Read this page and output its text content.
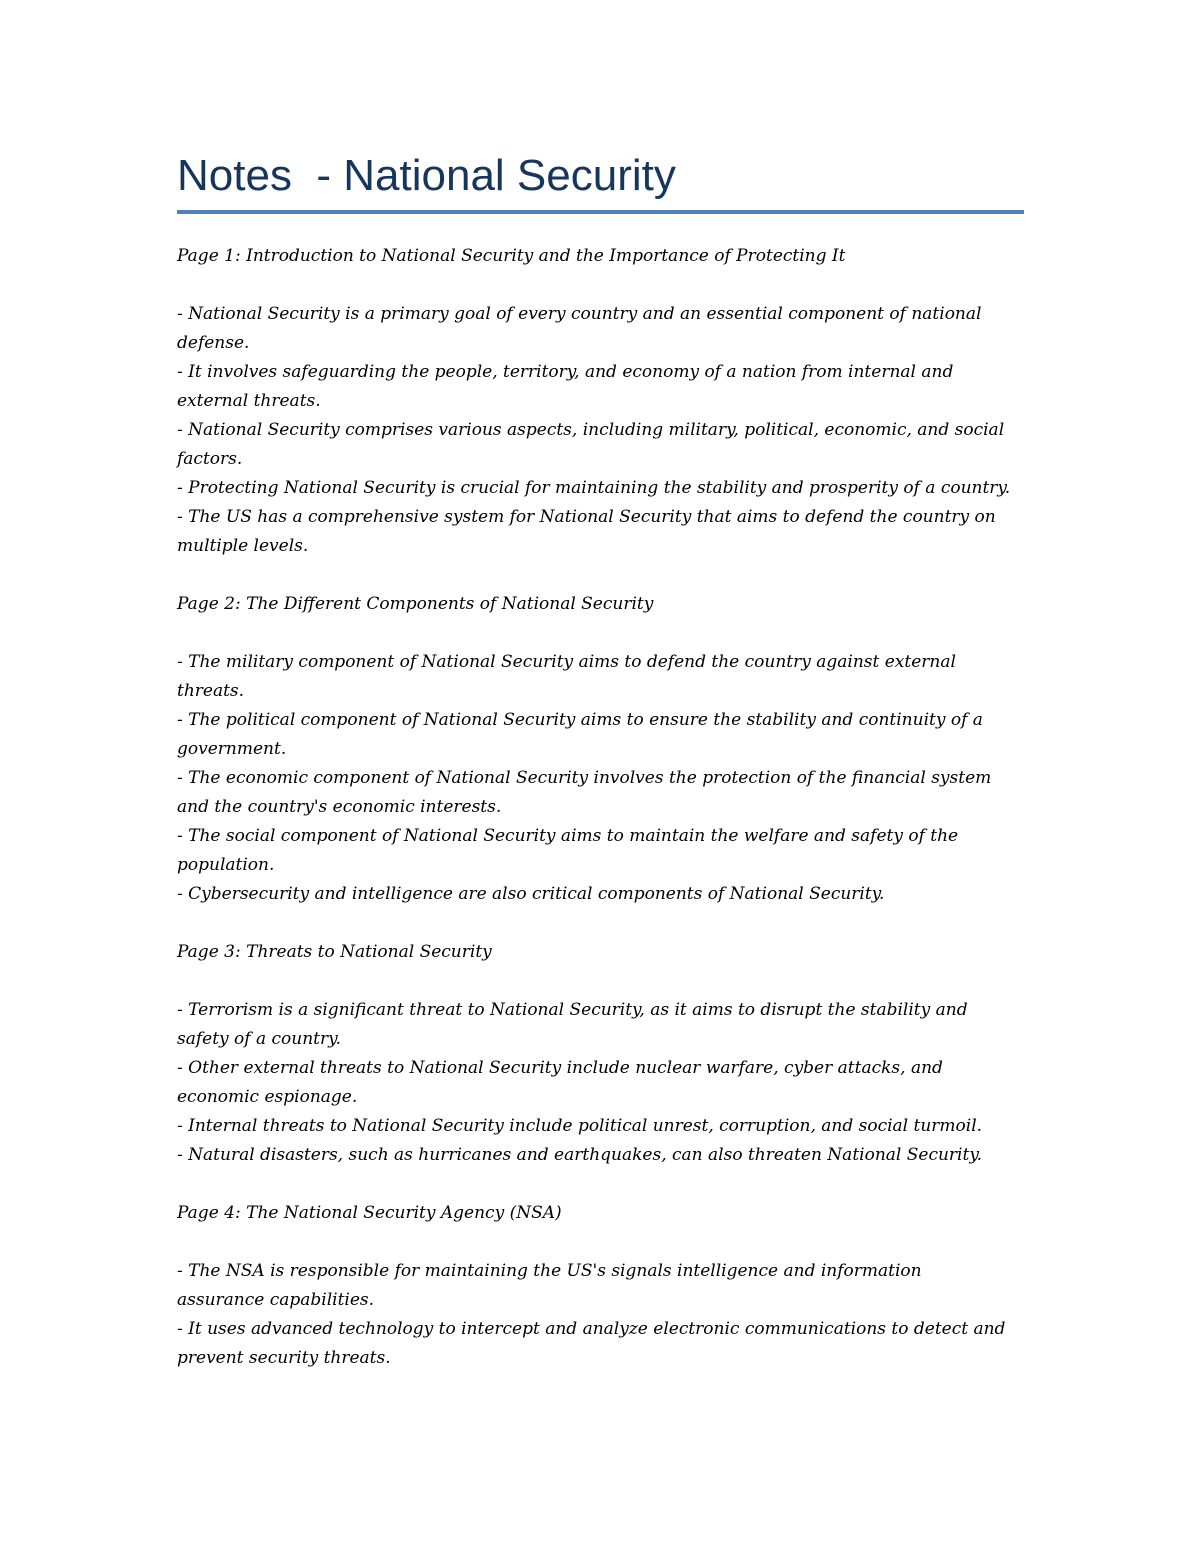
Notes  - National Security

Page 1: Introduction to National Security and the Importance of Protecting It

- National Security is a primary goal of every country and an essential component of national defense.
- It involves safeguarding the people, territory, and economy of a nation from internal and external threats.
- National Security comprises various aspects, including military, political, economic, and social factors.
- Protecting National Security is crucial for maintaining the stability and prosperity of a country.
- The US has a comprehensive system for National Security that aims to defend the country on multiple levels.

Page 2: The Different Components of National Security

- The military component of National Security aims to defend the country against external threats.
- The political component of National Security aims to ensure the stability and continuity of a government.
- The economic component of National Security involves the protection of the financial system and the country's economic interests.
- The social component of National Security aims to maintain the welfare and safety of the population.
- Cybersecurity and intelligence are also critical components of National Security.

Page 3: Threats to National Security

- Terrorism is a significant threat to National Security, as it aims to disrupt the stability and safety of a country.
- Other external threats to National Security include nuclear warfare, cyber attacks, and economic espionage.
- Internal threats to National Security include political unrest, corruption, and social turmoil.
- Natural disasters, such as hurricanes and earthquakes, can also threaten National Security.

Page 4: The National Security Agency (NSA)

- The NSA is responsible for maintaining the US's signals intelligence and information assurance capabilities.
- It uses advanced technology to intercept and analyze electronic communications to detect and prevent security threats.
